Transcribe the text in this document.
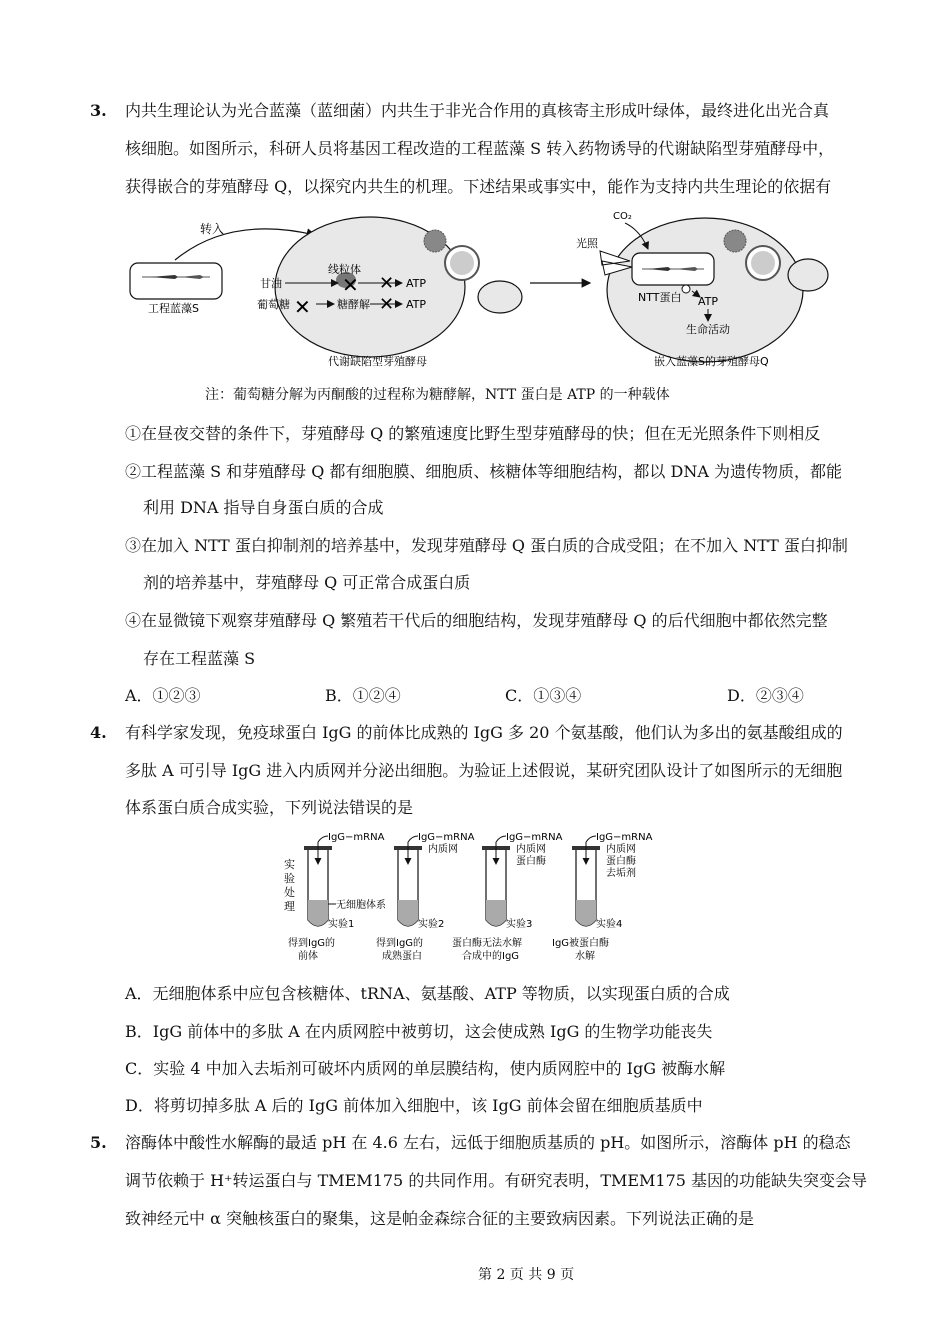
3. 内共生理论认为光合蓝藻（蓝细菌）内共生于非光合作用的真核寄主形成叶绿体，最终进化出光合真
核细胞。如图所示，科研人员将基因工程改造的工程蓝藻 S 转入药物诱导的代谢缺陷型芽殖酵母中，
获得嵌合的芽殖酵母 Q，以探究内共生的机理。下述结果或事实中，能作为支持内共生理论的依据有
工程蓝藻S
转入
线粒体
甘油
葡萄糖 ✕ 糖酵解
✕ ✕ ATP
✕ ATP
代谢缺陷型芽殖酵母
CO₂
光照
NTT蛋白 ATP
生命活动
嵌入蓝藻S的芽殖酵母Q
注：葡萄糖分解为丙酮酸的过程称为糖酵解，NTT 蛋白是 ATP 的一种载体
①在昼夜交替的条件下，芽殖酵母 Q 的繁殖速度比野生型芽殖酵母的快；但在无光照条件下则相反
②工程蓝藻 S 和芽殖酵母 Q 都有细胞膜、细胞质、核糖体等细胞结构，都以 DNA 为遗传物质，都能
利用 DNA 指导自身蛋白质的合成
③在加入 NTT 蛋白抑制剂的培养基中，发现芽殖酵母 Q 蛋白质的合成受阻；在不加入 NTT 蛋白抑制
剂的培养基中，芽殖酵母 Q 可正常合成蛋白质
④在显微镜下观察芽殖酵母 Q 繁殖若干代后的细胞结构，发现芽殖酵母 Q 的后代细胞中都依然完整
存在工程蓝藻 S
A．①②③	B．①②④	C．①③④	D．②③④
4. 有科学家发现，免疫球蛋白 IgG 的前体比成熟的 IgG 多 20 个氨基酸，他们认为多出的氨基酸组成的
多肽 A 可引导 IgG 进入内质网并分泌出细胞。为验证上述假说，某研究团队设计了如图所示的无细胞
体系蛋白质合成实验，下列说法错误的是
实
验
处
理
IgG−mRNA
无细胞体系
实验1
得到IgG的
前体
IgG−mRNA
内质网
实验2
得到IgG的
成熟蛋白
IgG−mRNA
内质网
蛋白酶
实验3
蛋白酶无法水解
合成中的IgG
IgG−mRNA
内质网
蛋白酶
去垢剂
实验4
IgG被蛋白酶
水解
A．无细胞体系中应包含核糖体、tRNA、氨基酸、ATP 等物质，以实现蛋白质的合成
B．IgG 前体中的多肽 A 在内质网腔中被剪切，这会使成熟 IgG 的生物学功能丧失
C．实验 4 中加入去垢剂可破坏内质网的单层膜结构，使内质网腔中的 IgG 被酶水解
D．将剪切掉多肽 A 后的 IgG 前体加入细胞中，该 IgG 前体会留在细胞质基质中
5. 溶酶体中酸性水解酶的最适 pH 在 4.6 左右，远低于细胞质基质的 pH。如图所示，溶酶体 pH 的稳态
调节依赖于 H⁺转运蛋白与 TMEM175 的共同作用。有研究表明，TMEM175 基因的功能缺失突变会导
致神经元中 α 突触核蛋白的聚集，这是帕金森综合征的主要致病因素。下列说法正确的是
第 2 页 共 9 页
